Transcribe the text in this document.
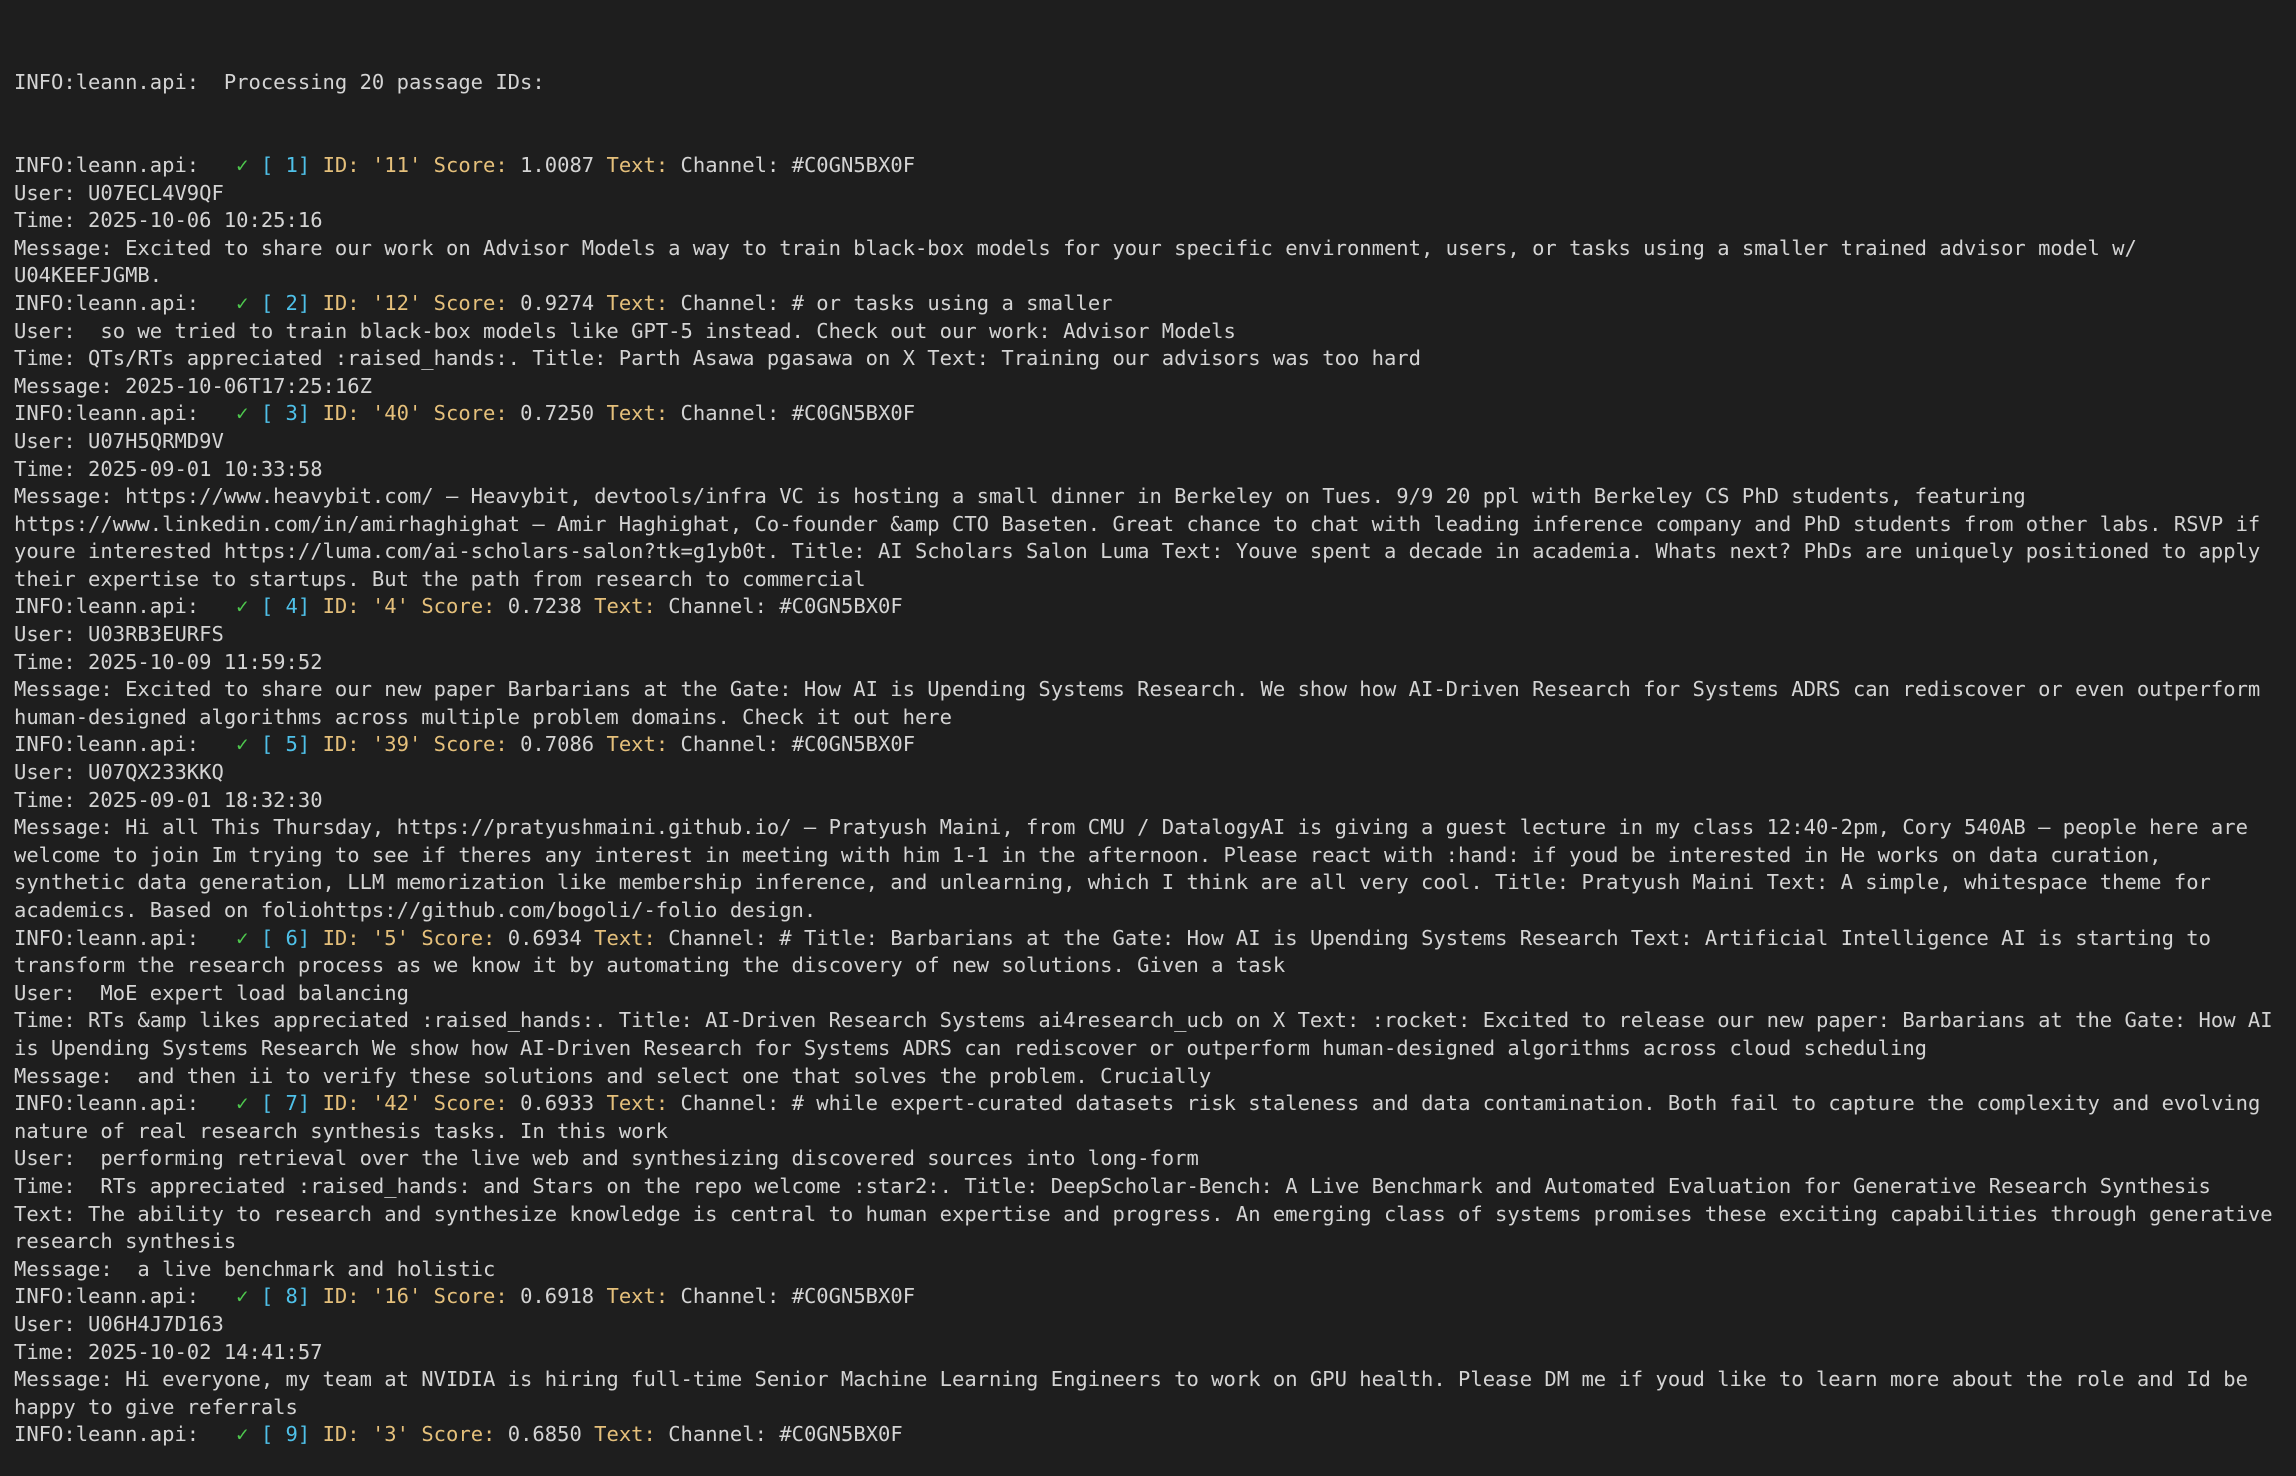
INFO:leann.api:  Processing 20 passage IDs:

INFO:leann.api: ✓ [ 1] ID: '11' Score: 1.0087 Text: Channel: #C0GN5BX0F
User: U07ECL4V9QF
Time: 2025-10-06 10:25:16
Message: Excited to share our work on Advisor Models a way to train black-box models for your specific environment, users, or tasks using a smaller trained advisor model w/ U04KEEFJGMB.
INFO:leann.api: ✓ [ 2] ID: '12' Score: 0.9274 Text: Channel: # or tasks using a smaller
User:  so we tried to train black-box models like GPT-5 instead. Check out our work: Advisor Models
Time: QTs/RTs appreciated :raised_hands:. Title: Parth Asawa pgasawa on X Text: Training our advisors was too hard
Message: 2025-10-06T17:25:16Z
INFO:leann.api: ✓ [ 3] ID: '40' Score: 0.7250 Text: Channel: #C0GN5BX0F
User: U07H5QRMD9V
Time: 2025-09-01 10:33:58
Message: https://www.heavybit.com/ — Heavybit, devtools/infra VC is hosting a small dinner in Berkeley on Tues. 9/9 20 ppl with Berkeley CS PhD students, featuring https://www.linkedin.com/in/amirhaghighat — Amir Haghighat, Co-founder &amp CTO Baseten. Great chance to chat with leading inference company and PhD students from other labs. RSVP if youre interested https://luma.com/ai-scholars-salon?tk=g1yb0t. Title: AI Scholars Salon Luma Text: Youve spent a decade in academia. Whats next? PhDs are uniquely positioned to apply their expertise to startups. But the path from research to commercial
INFO:leann.api: ✓ [ 4] ID: '4' Score: 0.7238 Text: Channel: #C0GN5BX0F
User: U03RB3EURFS
Time: 2025-10-09 11:59:52
Message: Excited to share our new paper Barbarians at the Gate: How AI is Upending Systems Research. We show how AI-Driven Research for Systems ADRS can rediscover or even outperform human-designed algorithms across multiple problem domains. Check it out here
INFO:leann.api: ✓ [ 5] ID: '39' Score: 0.7086 Text: Channel: #C0GN5BX0F
User: U07QX233KKQ
Time: 2025-09-01 18:32:30
Message: Hi all This Thursday, https://pratyushmaini.github.io/ — Pratyush Maini, from CMU / DatalogyAI is giving a guest lecture in my class 12:40-2pm, Cory 540AB — people here are welcome to join Im trying to see if theres any interest in meeting with him 1-1 in the afternoon. Please react with :hand: if youd be interested in He works on data curation, synthetic data generation, LLM memorization like membership inference, and unlearning, which I think are all very cool. Title: Pratyush Maini Text: A simple, whitespace theme for academics. Based on foliohttps://github.com/bogoli/-folio design.
INFO:leann.api: ✓ [ 6] ID: '5' Score: 0.6934 Text: Channel: # Title: Barbarians at the Gate: How AI is Upending Systems Research Text: Artificial Intelligence AI is starting to transform the research process as we know it by automating the discovery of new solutions. Given a task
User:  MoE expert load balancing
Time: RTs &amp likes appreciated :raised_hands:. Title: AI-Driven Research Systems ai4research_ucb on X Text: :rocket: Excited to release our new paper: Barbarians at the Gate: How AI is Upending Systems Research We show how AI-Driven Research for Systems ADRS can rediscover or outperform human-designed algorithms across cloud scheduling
Message:  and then ii to verify these solutions and select one that solves the problem. Crucially
INFO:leann.api: ✓ [ 7] ID: '42' Score: 0.6933 Text: Channel: # while expert-curated datasets risk staleness and data contamination. Both fail to capture the complexity and evolving nature of real research synthesis tasks. In this work
User:  performing retrieval over the live web and synthesizing discovered sources into long-form
Time:  RTs appreciated :raised_hands: and Stars on the repo welcome :star2:. Title: DeepScholar-Bench: A Live Benchmark and Automated Evaluation for Generative Research Synthesis Text: The ability to research and synthesize knowledge is central to human expertise and progress. An emerging class of systems promises these exciting capabilities through generative research synthesis
Message:  a live benchmark and holistic
INFO:leann.api: ✓ [ 8] ID: '16' Score: 0.6918 Text: Channel: #C0GN5BX0F
User: U06H4J7D163
Time: 2025-10-02 14:41:57
Message: Hi everyone, my team at NVIDIA is hiring full-time Senior Machine Learning Engineers to work on GPU health. Please DM me if youd like to learn more about the role and Id be happy to give referrals
INFO:leann.api: ✓ [ 9] ID: '3' Score: 0.6850 Text: Channel: #C0GN5BX0F
